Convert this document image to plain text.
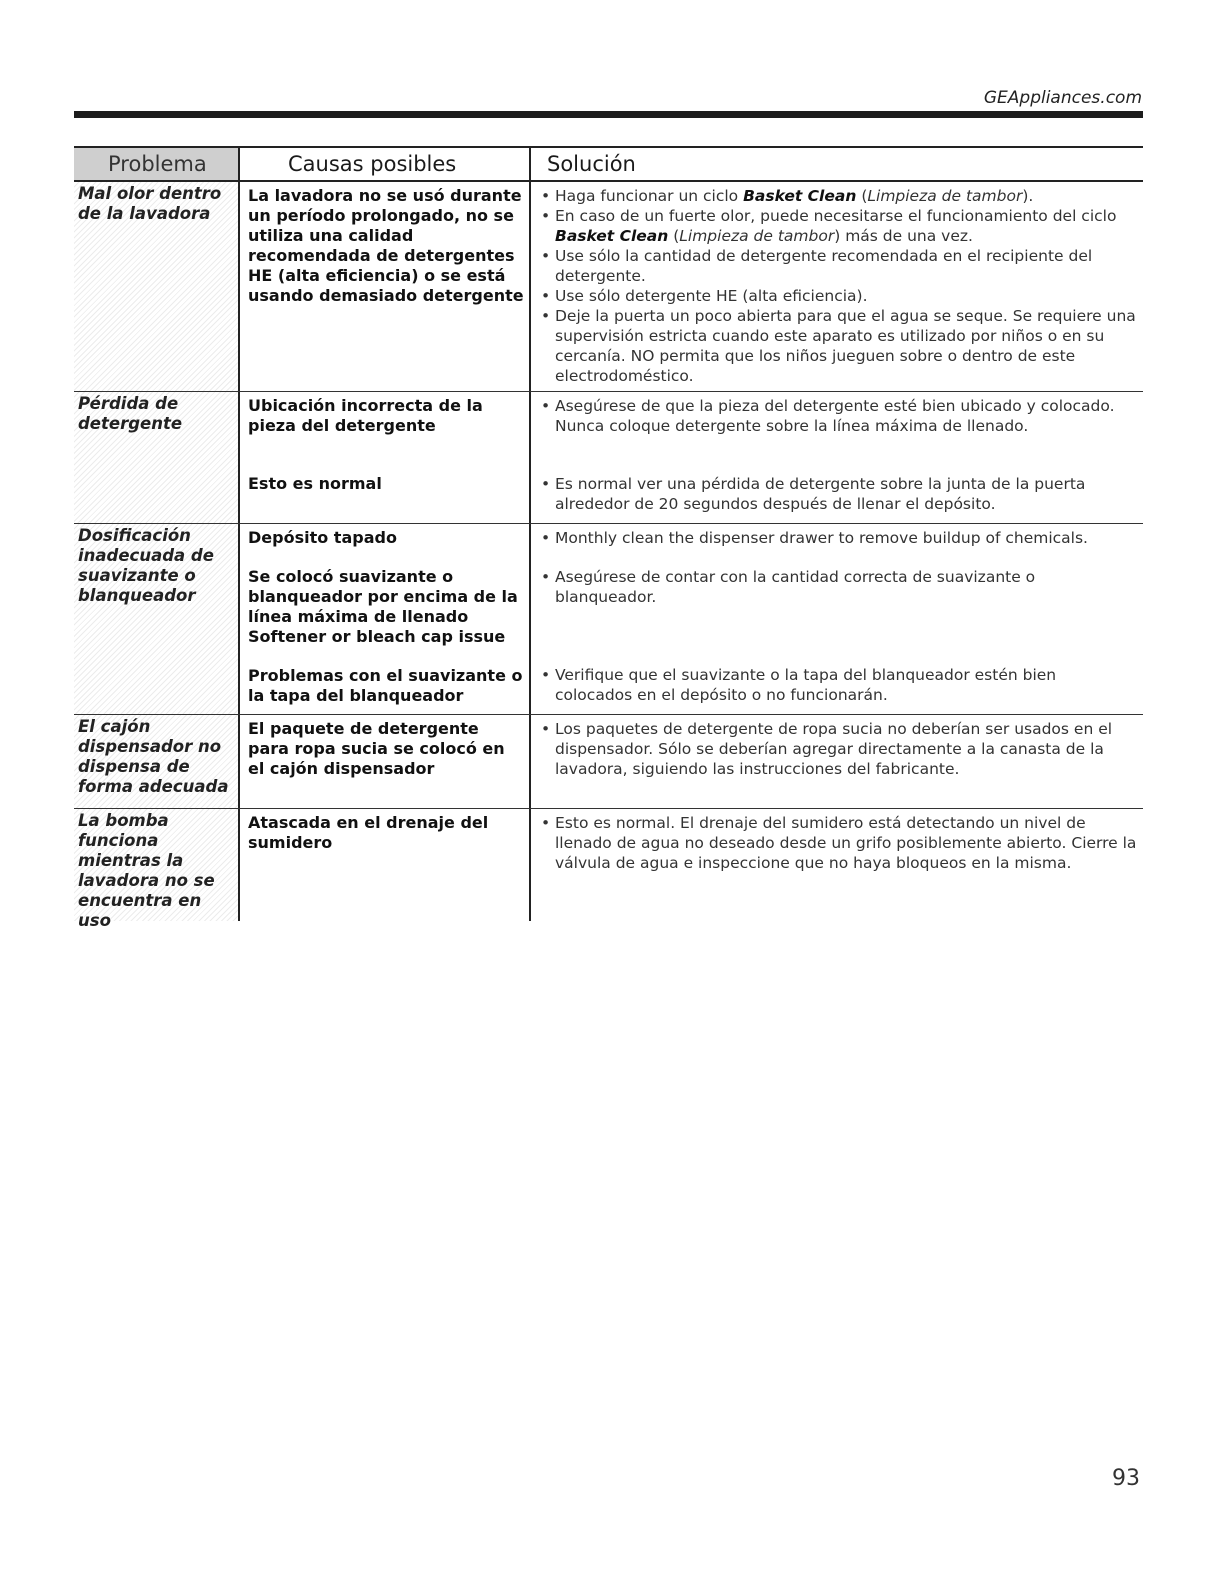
GEAppliances.com
Problema	Causas posibles	Solución
Mal olor dentro de la lavadora

La lavadora no se usó durante un período prolongado, no se utiliza una calidad recomendada de detergentes HE (alta eficiencia) o se está usando demasiado detergente

• Haga funcionar un ciclo Basket Clean (Limpieza de tambor).
• En caso de un fuerte olor, puede necesitarse el funcionamiento del ciclo Basket Clean (Limpieza de tambor) más de una vez.
• Use sólo la cantidad de detergente recomendada en el recipiente del detergente.
• Use sólo detergente HE (alta eficiencia).
• Deje la puerta un poco abierta para que el agua se seque. Se requiere una supervisión estricta cuando este aparato es utilizado por niños o en su cercanía. NO permita que los niños jueguen sobre o dentro de este electrodoméstico.
Pérdida de detergente

Ubicación incorrecta de la pieza del detergente

Esto es normal

• Asegúrese de que la pieza del detergente esté bien ubicado y colocado. Nunca coloque detergente sobre la línea máxima de llenado.
• Es normal ver una pérdida de detergente sobre la junta de la puerta alrededor de 20 segundos después de llenar el depósito.
Dosificación inadecuada de suavizante o blanqueador

Depósito tapado

Se colocó suavizante o blanqueador por encima de la línea máxima de llenado

Softener or bleach cap issue

Problemas con el suavizante o la tapa del blanqueador

• Monthly clean the dispenser drawer to remove buildup of chemicals.
• Asegúrese de contar con la cantidad correcta de suavizante o blanqueador.
• Verifique que el suavizante o la tapa del blanqueador estén bien colocados en el depósito o no funcionarán.
El cajón dispensador no dispensa de forma adecuada

El paquete de detergente para ropa sucia se colocó en el cajón dispensador

• Los paquetes de detergente de ropa sucia no deberían ser usados en el dispensador. Sólo se deberían agregar directamente a la canasta de la lavadora, siguiendo las instrucciones del fabricante.
La bomba funciona mientras la lavadora no se encuentra en uso

Atascada en el drenaje del sumidero

• Esto es normal. El drenaje del sumidero está detectando un nivel de llenado de agua no deseado desde un grifo posiblemente abierto. Cierre la válvula de agua e inspeccione que no haya bloqueos en la misma.
93
